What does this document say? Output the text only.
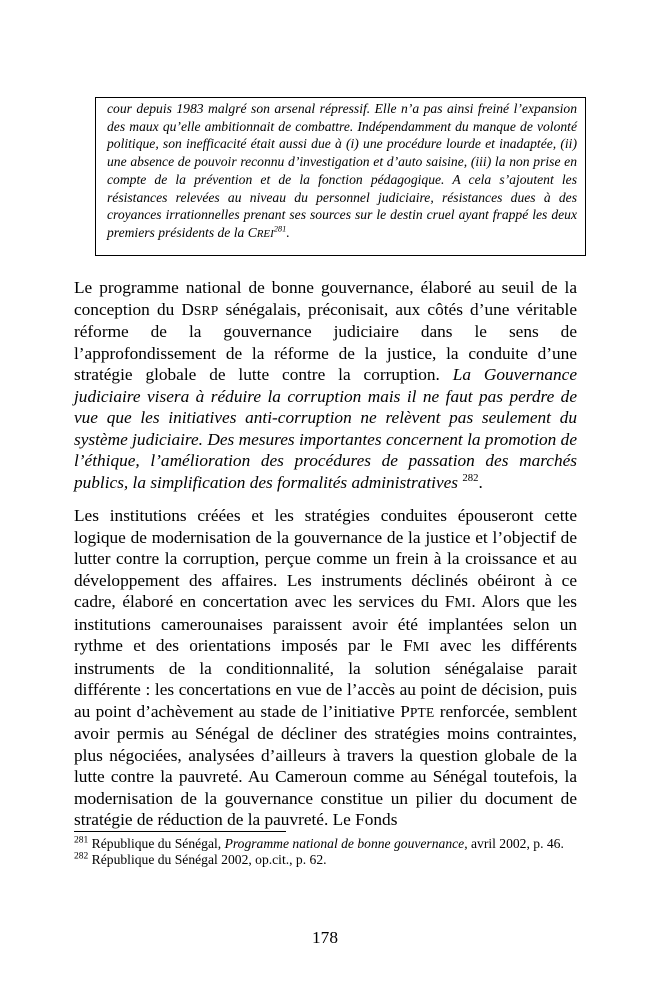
cour depuis 1983 malgré son arsenal répressif. Elle n’a pas ainsi freiné l’expansion des maux qu’elle ambitionnait de combattre. Indépendamment du manque de volonté politique, son inefficacité était aussi due à (i) une procédure lourde et inadaptée, (ii) une absence de pouvoir reconnu d’investigation et d’auto saisine, (iii) la non prise en compte de la prévention et de la fonction pédagogique. A cela s’ajoutent les résistances relevées au niveau du personnel judiciaire, résistances dues à des croyances irrationnelles prenant ses sources sur le destin cruel ayant frappé les deux premiers présidents de la CREI$^{281}$.

Le programme national de bonne gouvernance, élaboré au seuil de la conception du DSRP sénégalais, préconisait, aux côtés d’une véritable réforme de la gouvernance judiciaire dans le sens de l’approfondissement de la réforme de la justice, la conduite d’une stratégie globale de lutte contre la corruption. La Gouvernance judiciaire visera à réduire la corruption mais il ne faut pas perdre de vue que les initiatives anti-corruption ne relèvent pas seulement du système judiciaire. Des mesures importantes concernent la promotion de l’éthique, l’amélioration des procédures de passation des marchés publics, la simplification des formalités administratives $^{282}$.

Les institutions créées et les stratégies conduites épouseront cette logique de modernisation de la gouvernance de la justice et l’objectif de lutter contre la corruption, perçue comme un frein à la croissance et au développement des affaires. Les instruments déclinés obéiront à ce cadre, élaboré en concertation avec les services du FMI. Alors que les institutions camerounaises paraissent avoir été implantées selon un rythme et des orientations imposés par le FMI avec les différents instruments de la conditionnalité, la solution sénégalaise parait différente : les concertations en vue de l’accès au point de décision, puis au point d’achèvement au stade de l’initiative PPTE renforcée, semblent avoir permis au Sénégal de décliner des stratégies moins contraintes, plus négociées, analysées d’ailleurs à travers la question globale de la lutte contre la pauvreté. Au Cameroun comme au Sénégal toutefois, la modernisation de la gouvernance constitue un pilier du document de stratégie de réduction de la pauvreté. Le Fonds

$^{281}$ République du Sénégal, Programme national de bonne gouvernance, avril 2002, p. 46.

$^{282}$ République du Sénégal 2002, op.cit., p. 62.

178
